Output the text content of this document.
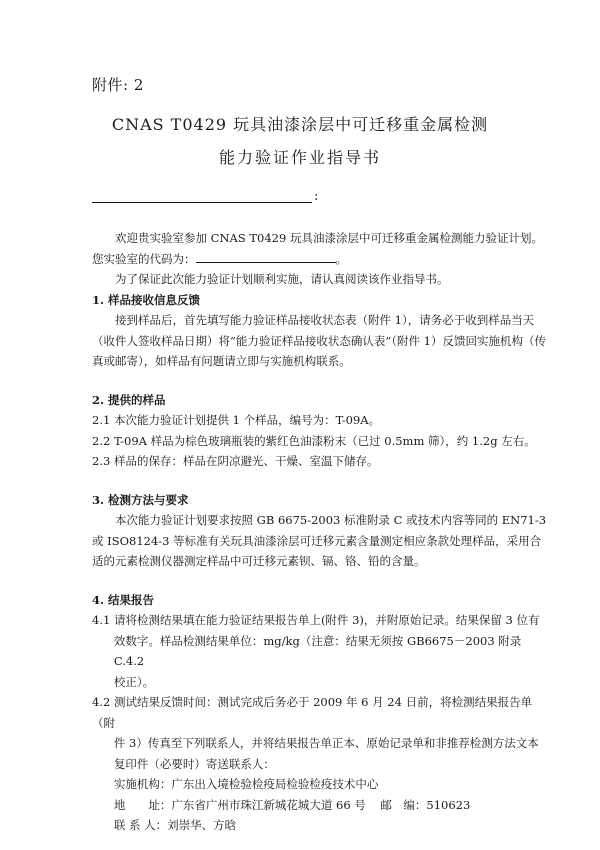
附件: 2
CNAS T0429 玩具油漆涂层中可迁移重金属检测
能力验证作业指导书
:

欢迎贵实验室参加 CNAS T0429 玩具油漆涂层中可迁移重金属检测能力验证计划。

您实验室的代码为：	。

为了保证此次能力验证计划顺利实施，请认真阅读该作业指导书。

1. 样品接收信息反馈

接到样品后，首先填写能力验证样品接收状态表（附件 1），请务必于收到样品当天（收件人签收样品日期）将“能力验证样品接收状态确认表”（附件 1）反馈回实施机构（传真或邮寄），如样品有问题请立即与实施机构联系。

2. 提供的样品

2.1 本次能力验证计划提供 1 个样品，编号为：T-09A。

2.2 T-09A 样品为棕色玻璃瓶装的紫红色油漆粉末（已过 0.5mm 筛），约 1.2g 左右。

2.3 样品的保存：样品在阴凉避光、干燥、室温下储存。

3. 检测方法与要求

本次能力验证计划要求按照 GB 6675-2003 标准附录 C 或技术内容等同的 EN71-3 或 ISO8124-3 等标准有关玩具油漆涂层可迁移元素含量测定相应条款处理样品，采用合适的元素检测仪器测定样品中可迁移元素钡、镉、铬、铅的含量。

4. 结果报告

4.1 请将检测结果填在能力验证结果报告单上(附件 3)，并附原始记录。结果保留 3 位有

效数字。样品检测结果单位：mg/kg（注意：结果无须按 GB6675－2003 附录 C.4.2

校正）。

4.2 测试结果反馈时间：测试完成后务必于 2009 年 6 月 24 日前，将检测结果报告单（附

件 3）传真至下列联系人，并将结果报告单正本、原始记录单和非推荐检测方法文本

复印件（必要时）寄送联系人：

实施机构：广东出入境检验检疫局检验检疫技术中心

地　　址：广东省广州市珠江新城花城大道 66 号 邮　编：510623

联 系 人：刘崇华、方晗
